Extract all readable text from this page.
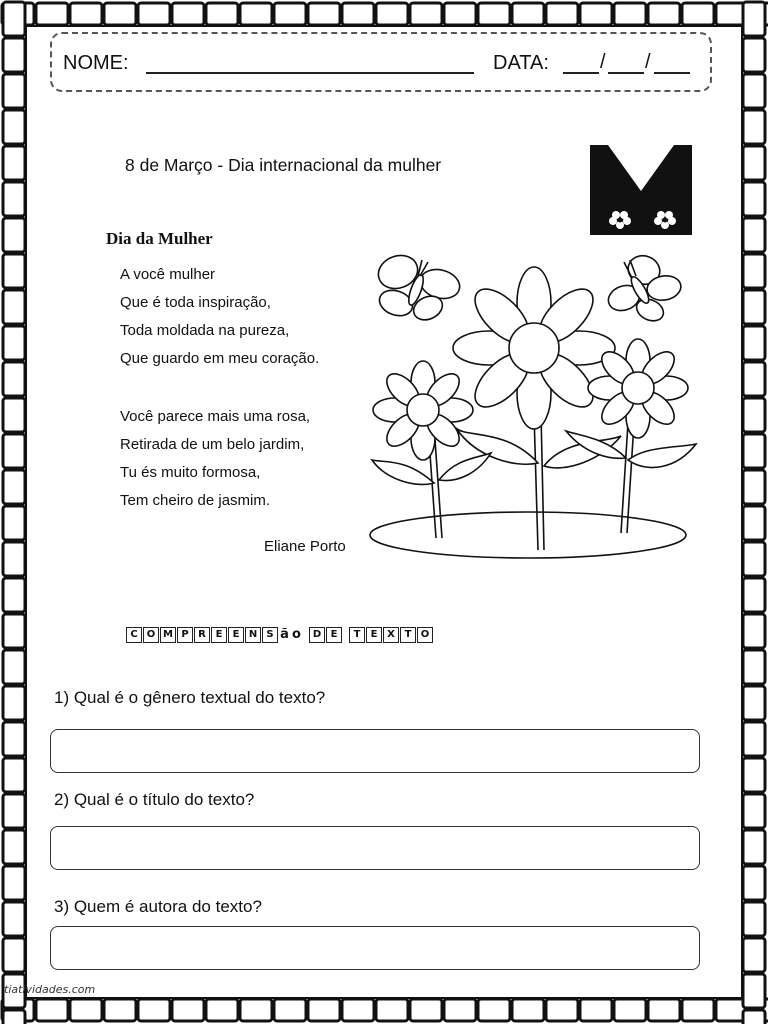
NOME:	DATA:	/ /
8 de Março - Dia internacional da mulher
Dia da Mulher
A você mulher
Que é toda inspiração,
Toda moldada na pureza,
Que guardo em meu coração.
Você parece mais uma rosa,
Retirada de um belo jardim,
Tu és muito formosa,
Tem cheiro de jasmim.
Eliane Porto
C O M P R E	E N S ã o	D E	T	E X T O
1) Qual é o gênero textual do texto?
2) Qual é o título do texto?
3) Quem é autora do texto?
tiatividades.com
